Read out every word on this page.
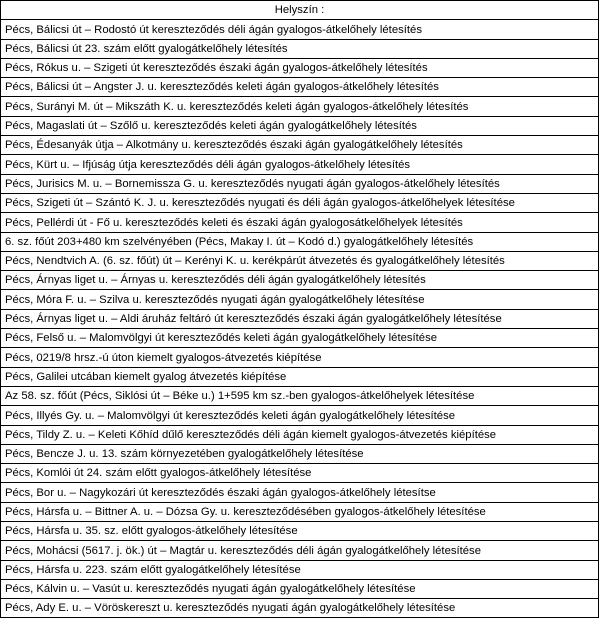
Helyszín :
Pécs, Bálicsi út – Rodostó út kereszteződés déli ágán gyalogos-átkelőhely létesítés
Pécs, Bálicsi út 23. szám előtt gyalogátkelőhely létesítés
Pécs, Rókus u. – Szigeti út kereszteződés északi ágán gyalogos-átkelőhely létesítés
Pécs, Bálicsi út – Angster J. u. kereszteződés keleti ágán gyalogos-átkelőhely létesítés
Pécs, Surányi M. út – Mikszáth K. u. kereszteződés keleti ágán gyalogos-átkelőhely létesítés
Pécs, Magaslati út – Szőlő u. kereszteződés keleti ágán gyalogátkelőhely létesítés
Pécs, Édesanyák útja – Alkotmány u. kereszteződés északi ágán gyalogátkelőhely létesítés
Pécs, Kürt u. – Ifjúság útja kereszteződés déli ágán gyalogos-átkelőhely létesítés
Pécs, Jurisics M. u. – Bornemissza G. u. kereszteződés nyugati ágán gyalogos-átkelőhely létesítés
Pécs, Szigeti út – Szántó K. J. u. kereszteződés nyugati és déli ágán gyalogos-átkelőhelyek létesítése
Pécs, Pellérdi út - Fő u. kereszteződés keleti és északi ágán gyalogosátkelőhelyek létesítés
6. sz. főút 203+480 km szelvényében (Pécs, Makay I. út – Kodó d.) gyalogátkelőhely létesítés
Pécs, Nendtvich A. (6. sz. főút) út – Kerényi K. u. kerékpárút átvezetés és gyalogátkelőhely létesítés
Pécs, Árnyas liget u. – Árnyas u. kereszteződés déli ágán gyalogátkelőhely létesítés
Pécs, Móra F. u. – Szilva u. kereszteződés nyugati ágán gyalogátkelőhely létesítése
Pécs, Árnyas liget u. – Aldi áruház feltáró út kereszteződés északi ágán gyalogátkelőhely létesítése
Pécs, Felső u. – Malomvölgyi út kereszteződés keleti ágán gyalogátkelőhely létesítése
Pécs, 0219/8 hrsz.-ú úton kiemelt gyalogos-átvezetés kiépítése
Pécs, Galilei utcában kiemelt gyalog átvezetés kiépítése
Az 58. sz. főút (Pécs, Siklósi út – Béke u.) 1+595 km sz.-ben gyalogos-átkelőhelyek létesítése
Pécs, Illyés Gy. u. – Malomvölgyi út kereszteződés keleti ágán gyalogátkelőhely létesítése
Pécs, Tildy Z. u. – Keleti Kőhíd dűlő kereszteződés déli ágán kiemelt gyalogos-átvezetés kiépítése
Pécs, Bencze J. u. 13. szám környezetében gyalogátkelőhely létesítése
Pécs, Komlói út 24. szám előtt gyalogos-átkelőhely létesítése
Pécs, Bor u. – Nagykozári út kereszteződés északi ágán gyalogos-átkelőhely létesítse
Pécs, Hársfa u. – Bittner A. u. – Dózsa Gy. u. kereszteződésében gyalogos-átkelőhely létesítése
Pécs, Hársfa u. 35. sz. előtt gyalogos-átkelőhely létesítése
Pécs, Mohácsi (5617. j. ök.) út – Magtár u. kereszteződés déli ágán gyalogátkelőhely létesítése
Pécs, Hársfa u. 223. szám előtt gyalogátkelőhely létesítése
Pécs, Kálvin u. – Vasút u. kereszteződés nyugati ágán gyalogátkelőhely létesítése
Pécs, Ady E. u. – Vöröskereszt u. kereszteződés nyugati ágán gyalogátkelőhely létesítése
